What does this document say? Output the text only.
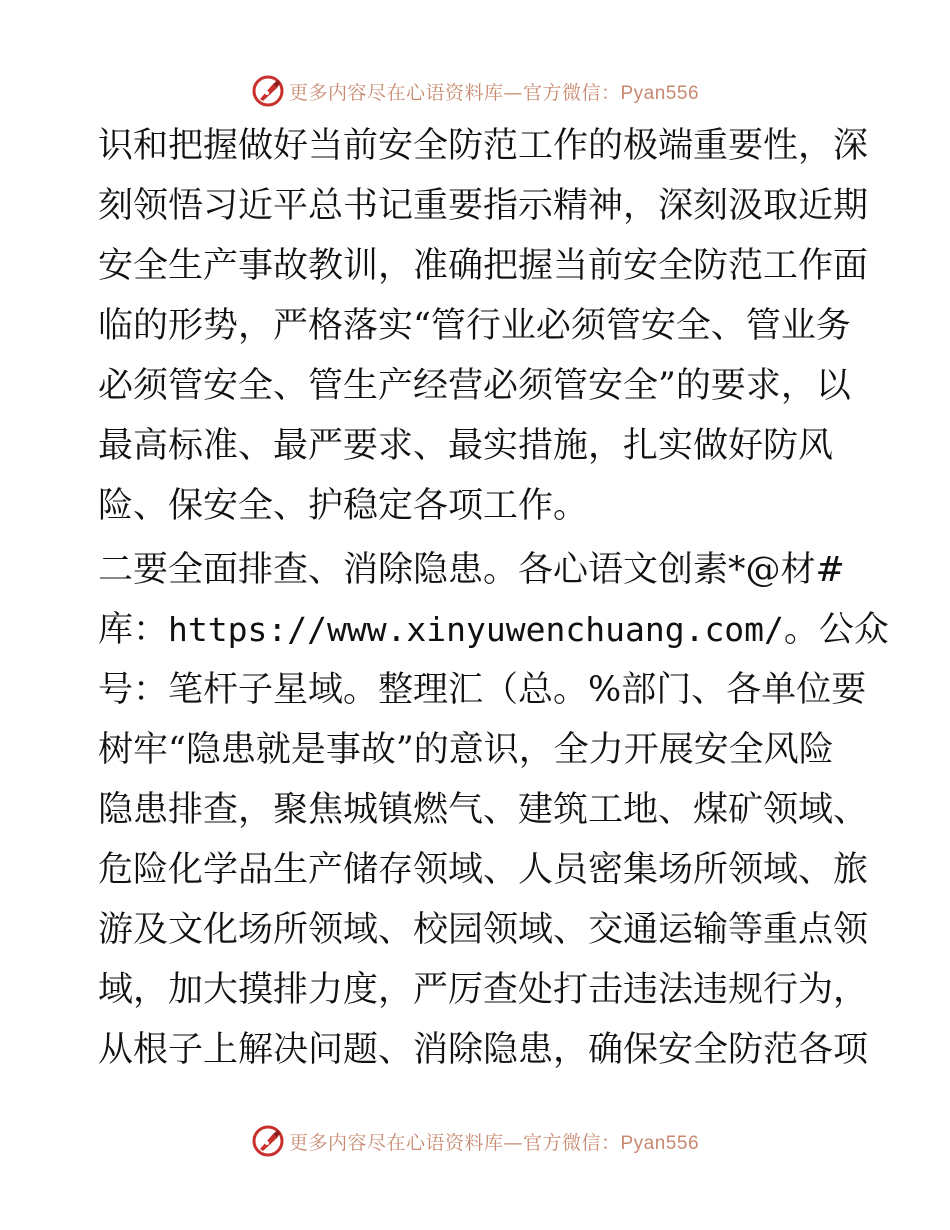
更多内容尽在心语资料库—官方微信：Pyan556
识和把握做好当前安全防范工作的极端重要性，深
刻领悟习近平总书记重要指示精神，深刻汲取近期
安全生产事故教训，准确把握当前安全防范工作面
临的形势，严格落实“管行业必须管安全、管业务
必须管安全、管生产经营必须管安全”的要求，以
最高标准、最严要求、最实措施，扎实做好防风
险、保安全、护稳定各项工作。
二要全面排查、消除隐患。各心语文创素*@材#
库：https://www.xinyuwenchuang.com/。公众
号：笔杆子星域。整理汇（总。%部门、各单位要
树牢“隐患就是事故”的意识，全力开展安全风险
隐患排查，聚焦城镇燃气、建筑工地、煤矿领域、
危险化学品生产储存领域、人员密集场所领域、旅
游及文化场所领域、校园领域、交通运输等重点领
域，加大摸排力度，严厉查处打击违法违规行为，
从根子上解决问题、消除隐患，确保安全防范各项
更多内容尽在心语资料库—官方微信：Pyan556
